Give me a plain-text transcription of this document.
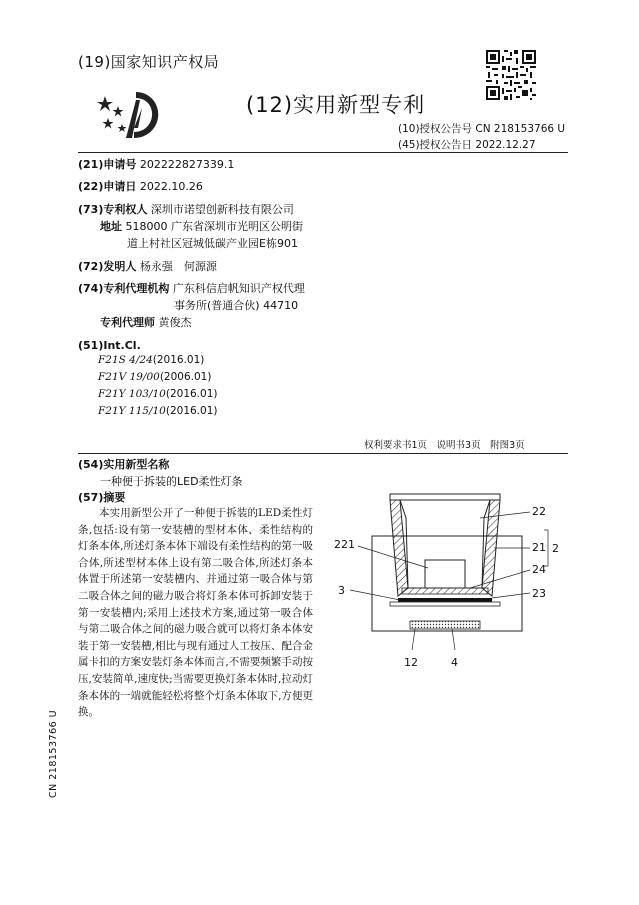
(19)国家知识产权局
(12)实用新型专利
(10)授权公告号 CN 218153766 U
(45)授权公告日 2022.12.27
(21)申请号 202222827339.1
(22)申请日 2022.10.26
(73)专利权人 深圳市诺望创新科技有限公司
地址 518000 广东省深圳市光明区公明街
道上村社区冠城低碳产业园E栋901
(72)发明人 杨永强　何源源
(74)专利代理机构 广东科信启帆知识产权代理
事务所(普通合伙) 44710
专利代理师 黄俊杰
(51)Int.Cl.
F21S 4/24(2016.01)
F21V 19/00(2006.01)
F21Y 103/10(2016.01)
F21Y 115/10(2016.01)
权利要求书1页　说明书3页　附图3页
(54)实用新型名称
一种便于拆装的LED柔性灯条
(57)摘要

本实用新型公开了一种便于拆装的LED柔性灯条,包括:设有第一安装槽的型材本体、柔性结构的灯条本体,所述灯条本体下端设有柔性结构的第一吸合体,所述型材本体上设有第二吸合体,所述灯条本体置于所述第一安装槽内、并通过第一吸合体与第二吸合体之间的磁力吸合将灯条本体可拆卸安装于第一安装槽内;采用上述技术方案,通过第一吸合体与第二吸合体之间的磁力吸合就可以将灯条本体安装于第一安装槽,相比与现有通过人工按压、配合金属卡扣的方案安装灯条本体而言,不需要频繁手动按压,安装简单,速度快;当需要更换灯条本体时,拉动灯条本体的一端就能轻松将整个灯条本体取下,方便更换。

22
221	21 2
24
3	23
12	4
CN 218153766 U
